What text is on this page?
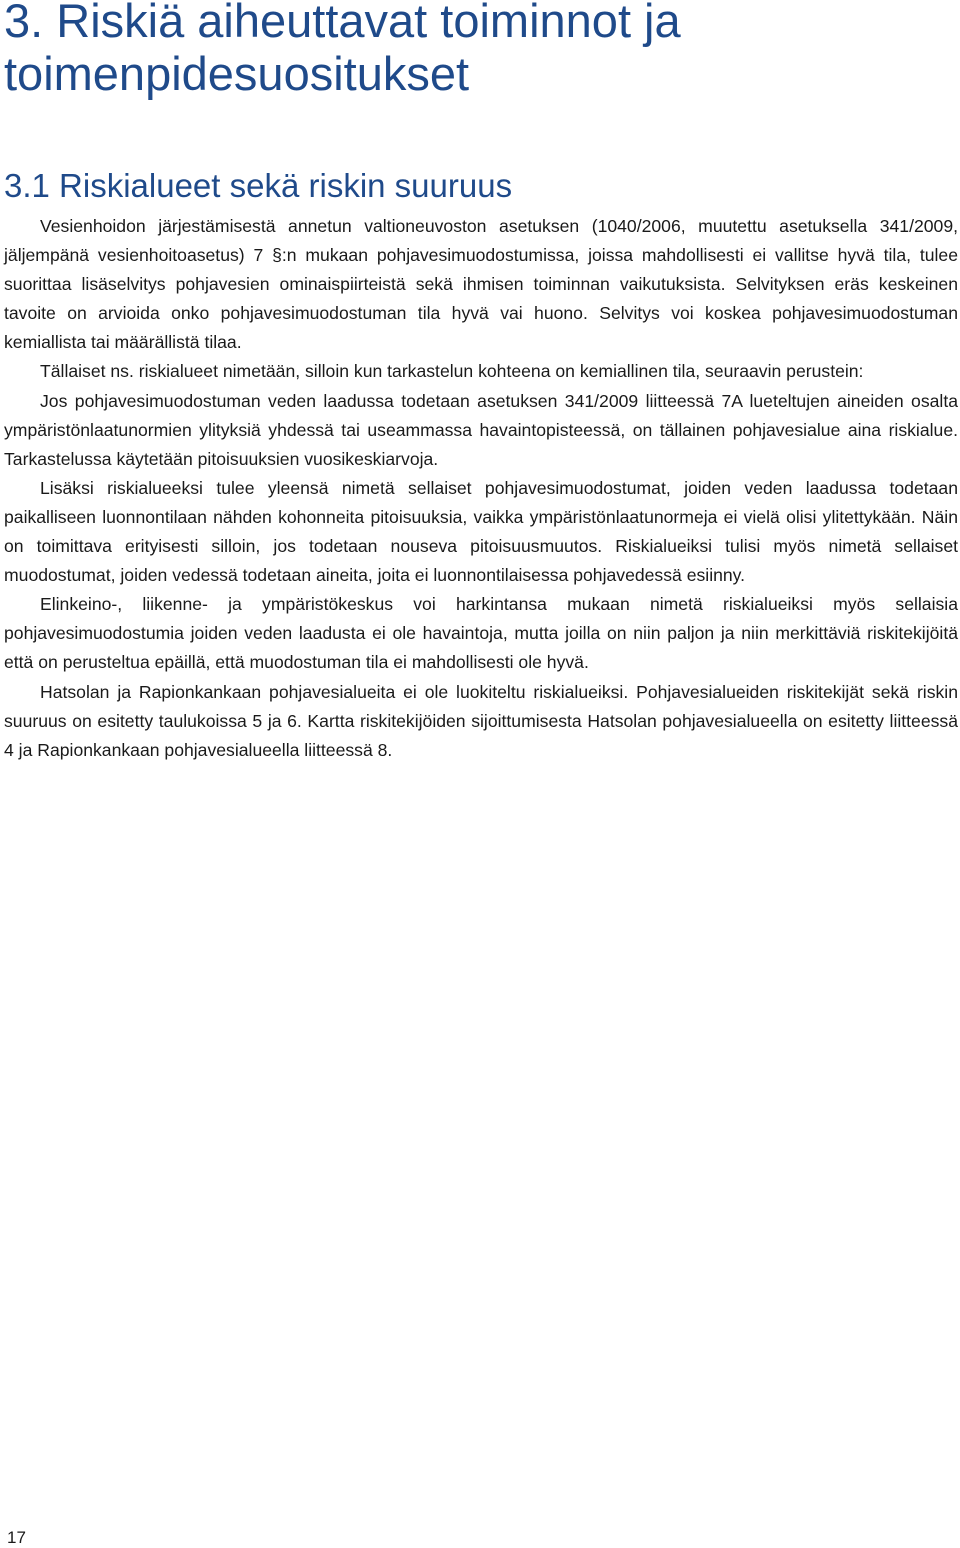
3. Riskiä aiheuttavat toiminnot ja toimenpidesuositukset
3.1 Riskialueet sekä riskin suuruus

Vesienhoidon järjestämisestä annetun valtioneuvoston asetuksen (1040/2006, muutettu asetuksella 341/2009, jäljempänä vesienhoitoasetus) 7 §:n mukaan pohjavesimuodostumissa, joissa mahdollisesti ei vallitse hyvä tila, tulee suorittaa lisäselvitys pohjavesien ominaispiirteistä sekä ihmisen toiminnan vaikutuksista. Selvityksen eräs keskeinen tavoite on arvioida onko pohjavesimuodostuman tila hyvä vai huono. Selvitys voi koskea pohjavesimuodostuman kemiallista tai määrällistä tilaa.

Tällaiset ns. riskialueet nimetään, silloin kun tarkastelun kohteena on kemiallinen tila, seuraavin perustein:

Jos pohjavesimuodostuman veden laadussa todetaan asetuksen 341/2009 liitteessä 7A lueteltujen aineiden osalta ympäristönlaatunormien ylityksiä yhdessä tai useammassa havaintopisteessä, on tällainen pohjavesialue aina riskialue. Tarkastelussa käytetään pitoisuuksien vuosikeskiarvoja.

Lisäksi riskialueeksi tulee yleensä nimetä sellaiset pohjavesimuodostumat, joiden veden laadussa todetaan paikalliseen luonnontilaan nähden kohonneita pitoisuuksia, vaikka ympäristönlaatunormeja ei vielä olisi ylitettykään. Näin on toimittava erityisesti silloin, jos todetaan nouseva pitoisuusmuutos. Riskialueiksi tulisi myös nimetä sellaiset muodostumat, joiden vedessä todetaan aineita, joita ei luonnontilaisessa pohjavedessä esiinny.

Elinkeino-, liikenne- ja ympäristökeskus voi harkintansa mukaan nimetä riskialueiksi myös sellaisia pohjavesimuodostumia joiden veden laadusta ei ole havaintoja, mutta joilla on niin paljon ja niin merkittäviä riskitekijöitä että on perusteltua epäillä, että muodostuman tila ei mahdollisesti ole hyvä.

Hatsolan ja Rapionkankaan pohjavesialueita ei ole luokiteltu riskialueiksi. Pohjavesialueiden riskitekijät sekä riskin suuruus on esitetty taulukoissa 5 ja 6. Kartta riskitekijöiden sijoittumisesta Hatsolan pohjavesialueella on esitetty liitteessä 4 ja Rapionkankaan pohjavesialueella liitteessä 8.

17
